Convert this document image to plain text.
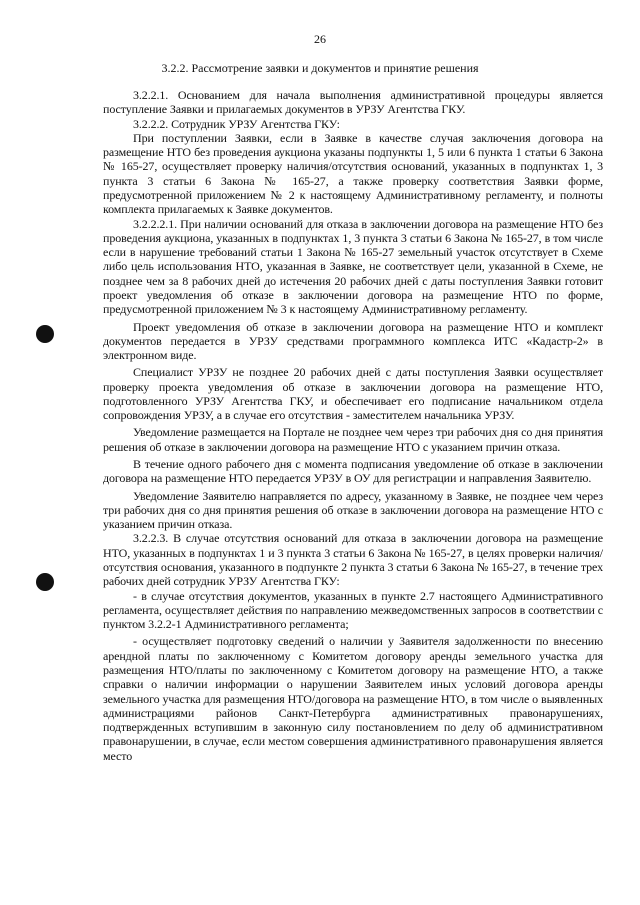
26
3.2.2. Рассмотрение заявки и документов и принятие решения

3.2.2.1. Основанием для начала выполнения административной процедуры является поступление Заявки и прилагаемых документов в УРЗУ Агентства ГКУ.

3.2.2.2. Сотрудник УРЗУ Агентства ГКУ:

При поступлении Заявки, если в Заявке в качестве случая заключения договора на размещение НТО без проведения аукциона указаны подпункты 1, 5 или 6 пункта 1 статьи 6 Закона № 165-27, осуществляет проверку наличия/отсутствия оснований, указанных в подпунктах 1, 3 пункта 3 статьи 6 Закона № 165-27, а также проверку соответствия Заявки форме, предусмотренной приложением № 2 к настоящему Административному регламенту, и полноты комплекта прилагаемых к Заявке документов.

3.2.2.2.1. При наличии оснований для отказа в заключении договора на размещение НТО без проведения аукциона, указанных в подпунктах 1, 3 пункта 3 статьи 6 Закона № 165-27, в том числе если в нарушение требований статьи 1 Закона № 165-27 земельный участок отсутствует в Схеме либо цель использования НТО, указанная в Заявке, не соответствует цели, указанной в Схеме, не позднее чем за 8 рабочих дней до истечения 20 рабочих дней с даты поступления Заявки готовит проект уведомления об отказе в заключении договора на размещение НТО по форме, предусмотренной приложением № 3 к настоящему Административному регламенту.

Проект уведомления об отказе в заключении договора на размещение НТО и комплект документов передается в УРЗУ средствами программного комплекса ИТС «Кадастр-2» в электронном виде.

Специалист УРЗУ не позднее 20 рабочих дней с даты поступления Заявки осуществляет проверку проекта уведомления об отказе в заключении договора на размещение НТО, подготовленного УРЗУ Агентства ГКУ, и обеспечивает его подписание начальником отдела сопровождения УРЗУ, а в случае его отсутствия - заместителем начальника УРЗУ.

Уведомление размещается на Портале не позднее чем через три рабочих дня со дня принятия решения об отказе в заключении договора на размещение НТО с указанием причин отказа.

В течение одного рабочего дня с момента подписания уведомление об отказе в заключении договора на размещение НТО передается УРЗУ в ОУ для регистрации и направления Заявителю.

Уведомление Заявителю направляется по адресу, указанному в Заявке, не позднее чем через три рабочих дня со дня принятия решения об отказе в заключении договора на размещение НТО с указанием причин отказа.

3.2.2.3. В случае отсутствия оснований для отказа в заключении договора на размещение НТО, указанных в подпунктах 1 и 3 пункта 3 статьи 6 Закона № 165-27, в целях проверки наличия/отсутствия основания, указанного в подпункте 2 пункта 3 статьи 6 Закона № 165-27, в течение трех рабочих дней сотрудник УРЗУ Агентства ГКУ:

- в случае отсутствия документов, указанных в пункте 2.7 настоящего Административного регламента, осуществляет действия по направлению межведомственных запросов в соответствии с пунктом 3.2.2-1 Административного регламента;

- осуществляет подготовку сведений о наличии у Заявителя задолженности по внесению арендной платы по заключенному с Комитетом договору аренды земельного участка для размещения НТО/платы по заключенному с Комитетом договору на размещение НТО, а также справки о наличии информации о нарушении Заявителем иных условий договора аренды земельного участка для размещения НТО/договора на размещение НТО, в том числе о выявленных администрациями районов Санкт-Петербурга административных правонарушениях, подтвержденных вступившим в законную силу постановлением по делу об административном правонарушении, в случае, если местом совершения административного правонарушения является место
